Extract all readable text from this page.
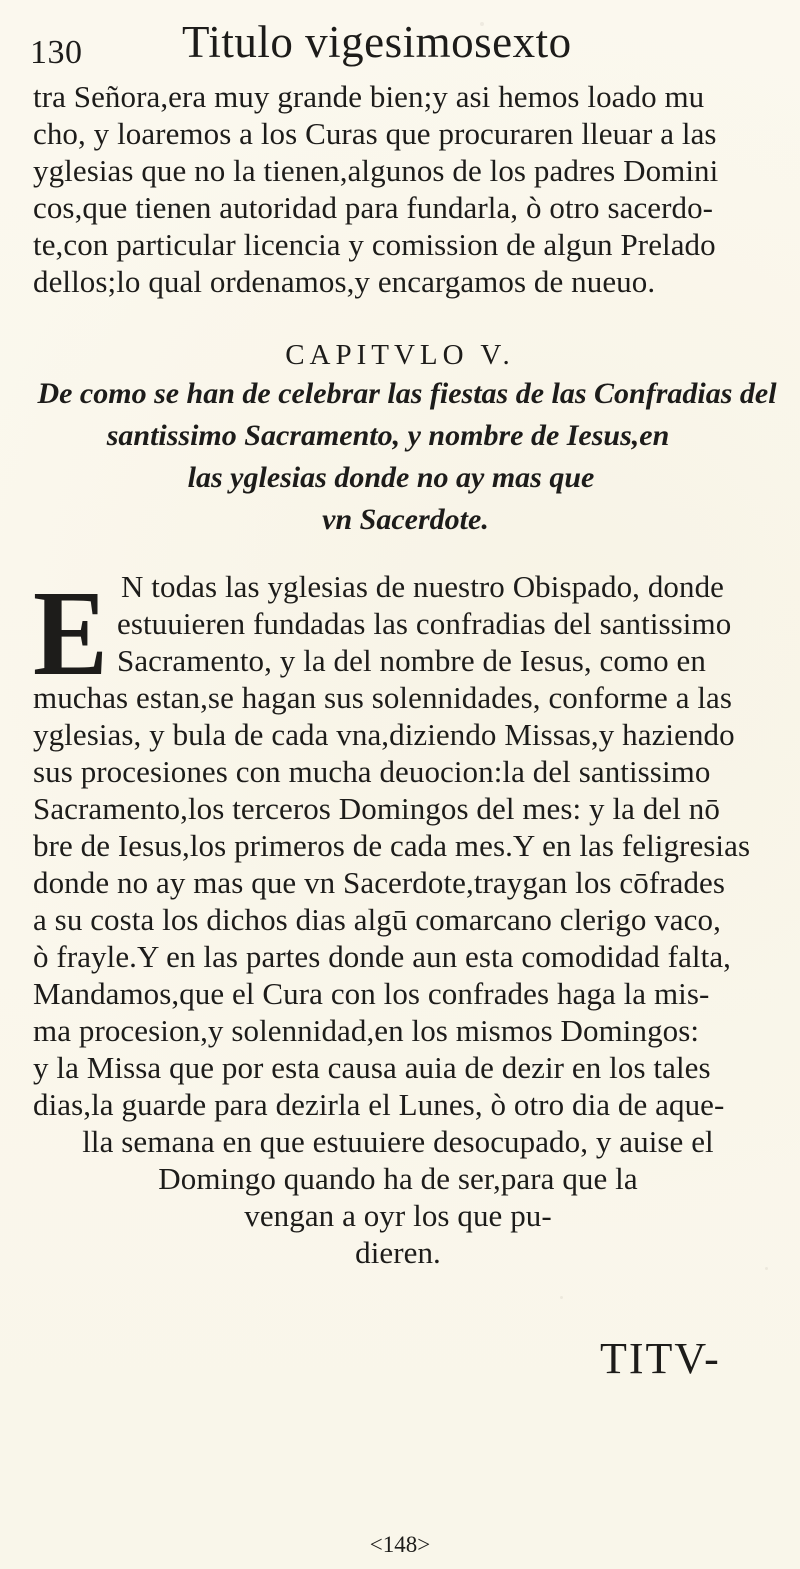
130 Titulo vigesimosexto
tra Señora,era muy grande bien;y asi hemos loado mu
cho, y loaremos a los Curas que procuraren lleuar a las
yglesias que no la tienen,algunos de los padres Domini
cos,que tienen autoridad para fundarla, ò otro sacerdo-
te,con particular licencia y comission de algun Prelado
dellos;lo qual ordenamos,y encargamos de nueuo.
CAPITVLO V.
De como se han de celebrar las fiestas de las Confradias del
santissimo Sacramento, y nombre de Iesus,en
las yglesias donde no ay mas que
vn Sacerdote.
E N todas las yglesias de nuestro Obispado, donde
estuuieren fundadas las confradias del santissimo
Sacramento, y la del nombre de Iesus, como en
muchas estan,se hagan sus solennidades, conforme a las
yglesias, y bula de cada vna,diziendo Missas,y haziendo
sus procesiones con mucha deuocion:la del santissimo
Sacramento,los terceros Domingos del mes: y la del nō
bre de Iesus,los primeros de cada mes.Y en las feligresias
donde no ay mas que vn Sacerdote,traygan los cōfrades
a su costa los dichos dias algū comarcano clerigo vaco,
ò frayle.Y en las partes donde aun esta comodidad falta,
Mandamos,que el Cura con los confrades haga la mis-
ma procesion,y solennidad,en los mismos Domingos:
y la Missa que por esta causa auia de dezir en los tales
dias,la guarde para dezirla el Lunes, ò otro dia de aque-
lla semana en que estuuiere desocupado, y auise el
Domingo quando ha de ser,para que la
vengan a oyr los que pu-
dieren.
TITV-
<148>
